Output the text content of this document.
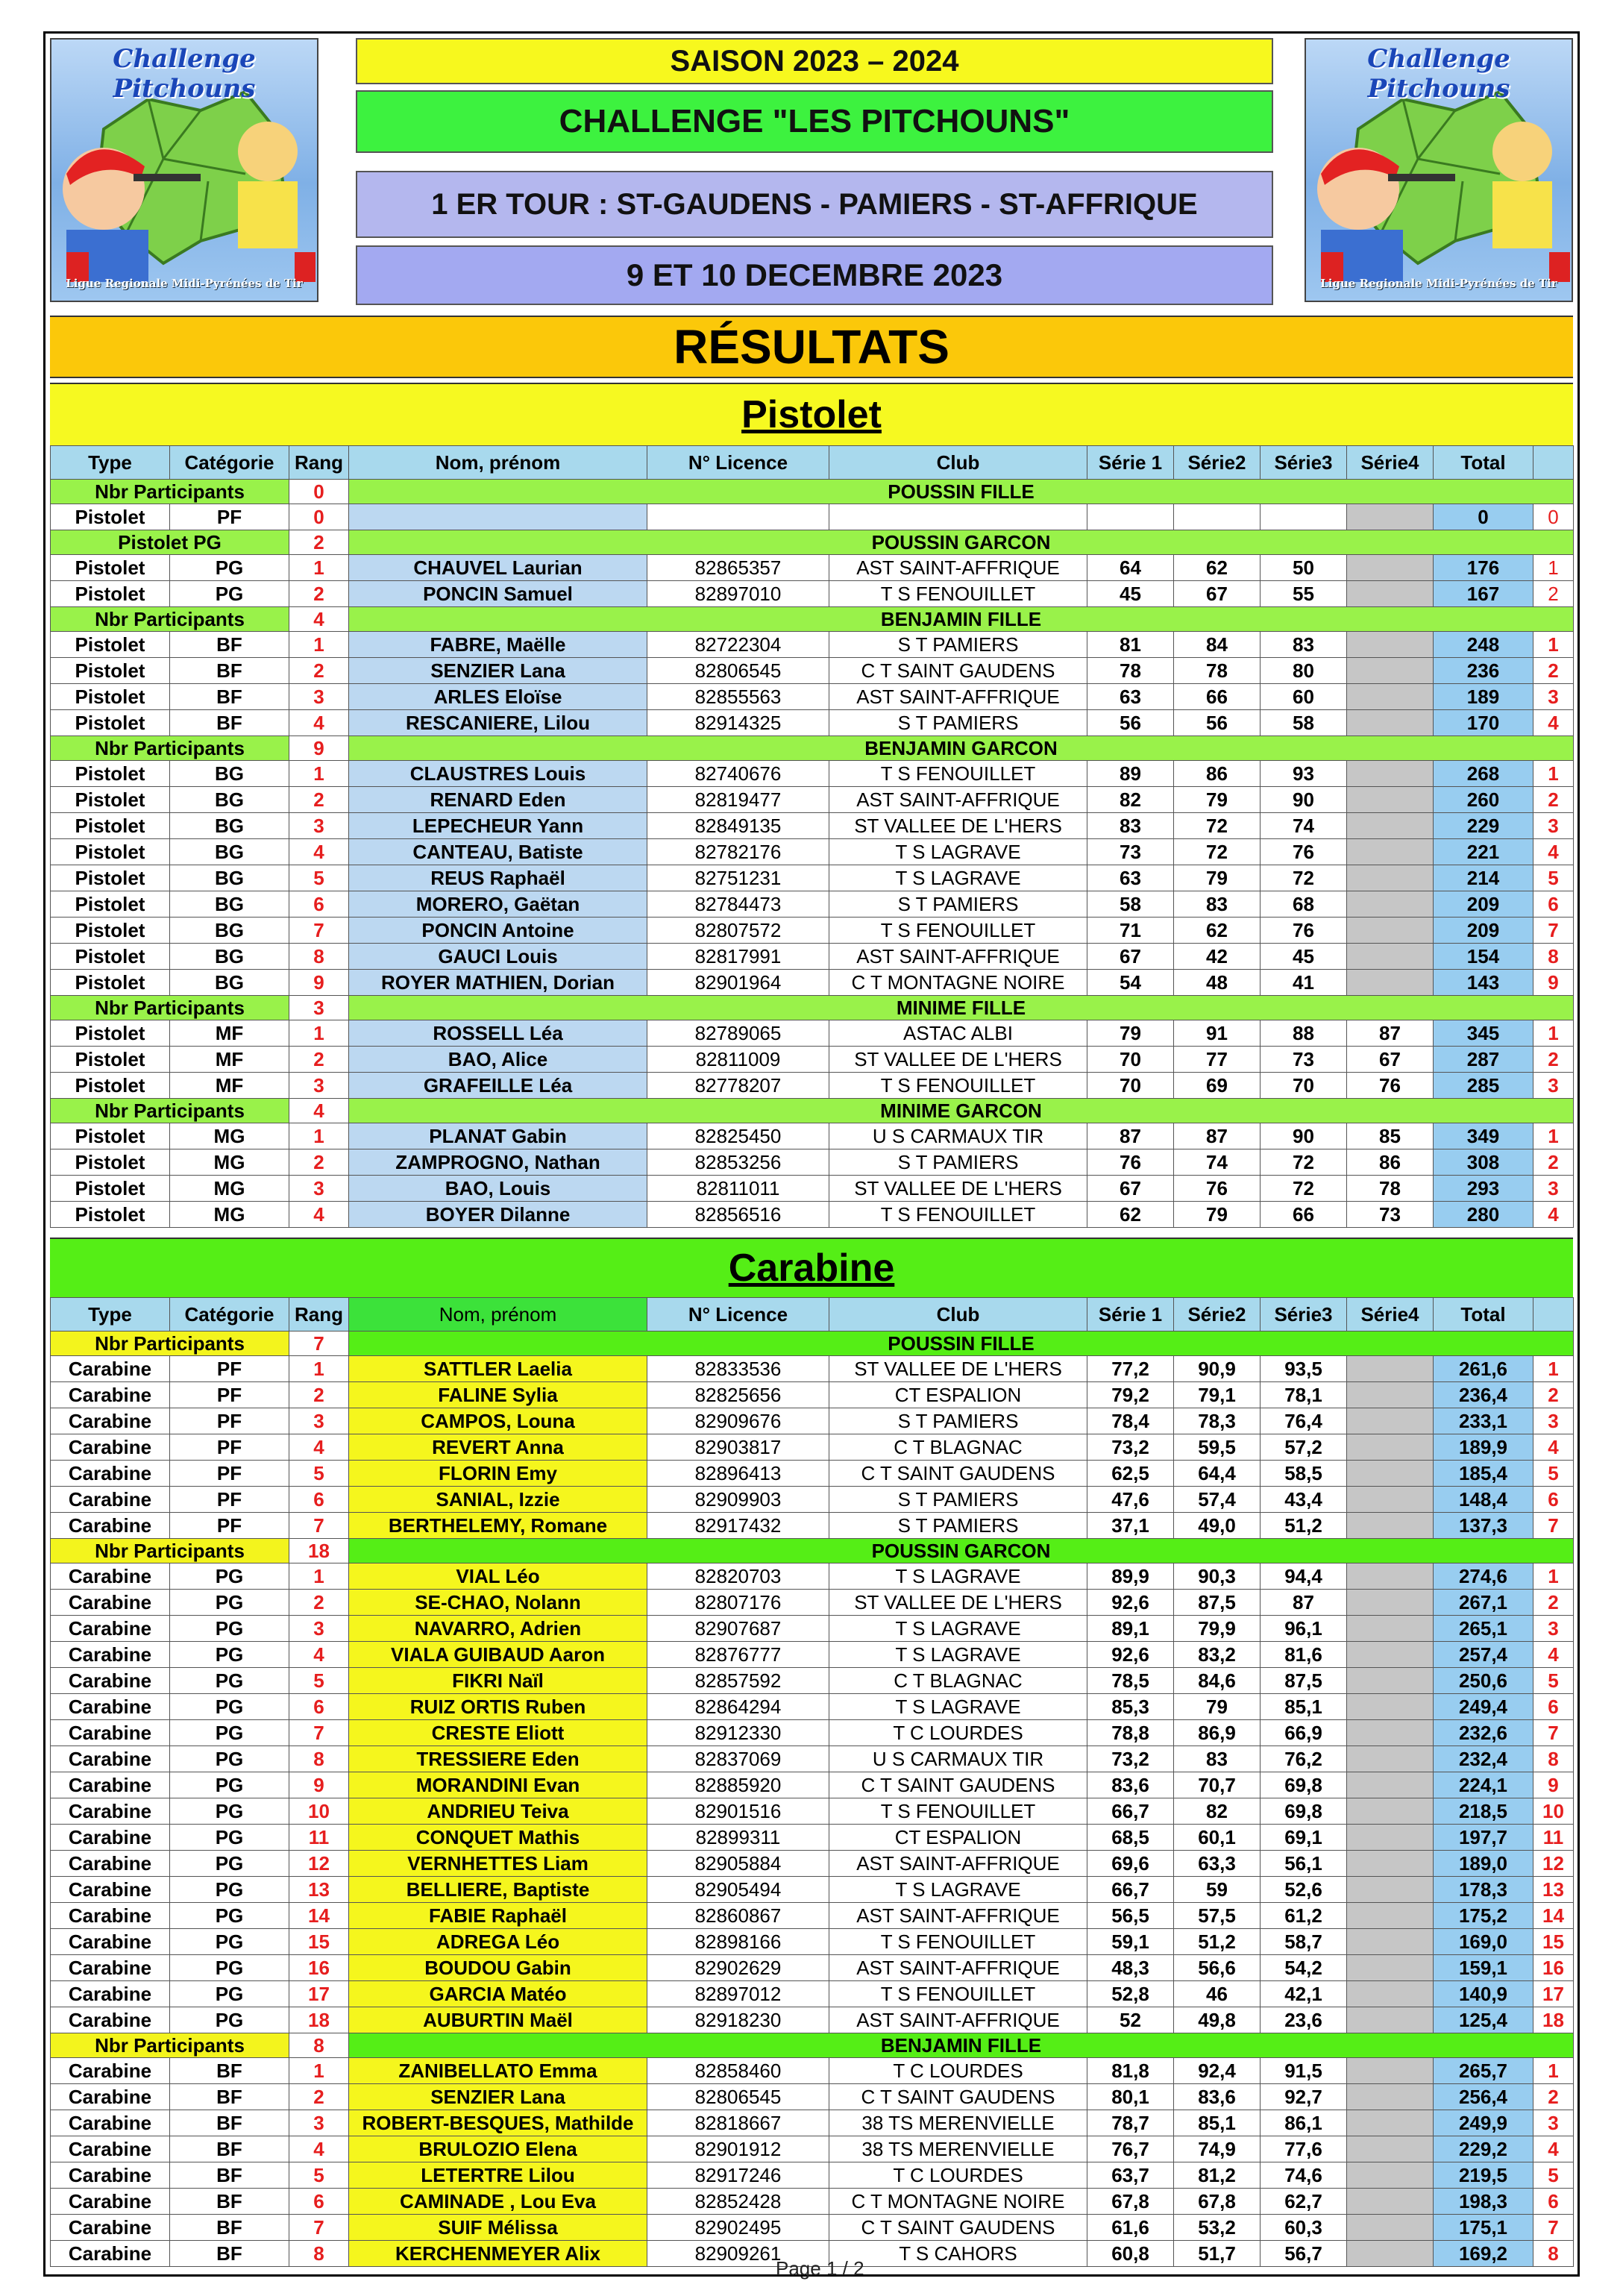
Challenge Pitchouns
Ligue Regionale Midi-Pyrénées de Tir
Challenge Pitchouns
Ligue Regionale Midi-Pyrénées de Tir
SAISON 2023 – 2024
CHALLENGE "LES PITCHOUNS"
1 ER TOUR : ST-GAUDENS - PAMIERS - ST-AFFRIQUE
9 ET 10 DECEMBRE 2023
RÉSULTATS
Pistolet
Type	Catégorie	Rang	Nom, prénom	N° Licence	Club	Série 1	Série2	Série3	Série4	Total	
Nbr Participants		0	POUSSIN FILLE								
Pistolet	PF	0								0	0
Pistolet PG		2	POUSSIN GARCON								
Pistolet	PG	1	CHAUVEL Laurian	82865357	AST SAINT-AFFRIQUE	64	62	50		176	1
Pistolet	PG	2	PONCIN Samuel	82897010	T S FENOUILLET	45	67	55		167	2
Nbr Participants		4	BENJAMIN FILLE								
Pistolet	BF	1	FABRE, Maëlle	82722304	S T PAMIERS	81	84	83		248	1
Pistolet	BF	2	SENZIER Lana	82806545	C T SAINT GAUDENS	78	78	80		236	2
Pistolet	BF	3	ARLES Eloïse	82855563	AST SAINT-AFFRIQUE	63	66	60		189	3
Pistolet	BF	4	RESCANIERE, Lilou	82914325	S T PAMIERS	56	56	58		170	4
Nbr Participants		9	BENJAMIN GARCON								
Pistolet	BG	1	CLAUSTRES Louis	82740676	T S FENOUILLET	89	86	93		268	1
Pistolet	BG	2	RENARD Eden	82819477	AST SAINT-AFFRIQUE	82	79	90		260	2
Pistolet	BG	3	LEPECHEUR Yann	82849135	ST VALLEE DE L'HERS	83	72	74		229	3
Pistolet	BG	4	CANTEAU, Batiste	82782176	T S LAGRAVE	73	72	76		221	4
Pistolet	BG	5	REUS Raphaël	82751231	T S LAGRAVE	63	79	72		214	5
Pistolet	BG	6	MORERO, Gaëtan	82784473	S T PAMIERS	58	83	68		209	6
Pistolet	BG	7	PONCIN Antoine	82807572	T S FENOUILLET	71	62	76		209	7
Pistolet	BG	8	GAUCI Louis	82817991	AST SAINT-AFFRIQUE	67	42	45		154	8
Pistolet	BG	9	ROYER MATHIEN, Dorian	82901964	C T MONTAGNE NOIRE	54	48	41		143	9
Nbr Participants		3	MINIME FILLE								
Pistolet	MF	1	ROSSELL Léa	82789065	ASTAC ALBI	79	91	88	87	345	1
Pistolet	MF	2	BAO, Alice	82811009	ST VALLEE DE L'HERS	70	77	73	67	287	2
Pistolet	MF	3	GRAFEILLE Léa	82778207	T S FENOUILLET	70	69	70	76	285	3
Nbr Participants		4	MINIME GARCON								
Pistolet	MG	1	PLANAT Gabin	82825450	U S CARMAUX TIR	87	87	90	85	349	1
Pistolet	MG	2	ZAMPROGNO, Nathan	82853256	S T PAMIERS	76	74	72	86	308	2
Pistolet	MG	3	BAO, Louis	82811011	ST VALLEE DE L'HERS	67	76	72	78	293	3
Pistolet	MG	4	BOYER Dilanne	82856516	T S FENOUILLET	62	79	66	73	280	4
Carabine
Type	Catégorie	Rang	Nom, prénom	N° Licence	Club	Série 1	Série2	Série3	Série4	Total	
Nbr Participants		7	POUSSIN FILLE								
Carabine	PF	1	SATTLER Laelia	82833536	ST VALLEE DE L'HERS	77,2	90,9	93,5		261,6	1
Carabine	PF	2	FALINE Sylia	82825656	CT ESPALION	79,2	79,1	78,1		236,4	2
Carabine	PF	3	CAMPOS, Louna	82909676	S T PAMIERS	78,4	78,3	76,4		233,1	3
Carabine	PF	4	REVERT Anna	82903817	C T BLAGNAC	73,2	59,5	57,2		189,9	4
Carabine	PF	5	FLORIN Emy	82896413	C T SAINT GAUDENS	62,5	64,4	58,5		185,4	5
Carabine	PF	6	SANIAL, Izzie	82909903	S T PAMIERS	47,6	57,4	43,4		148,4	6
Carabine	PF	7	BERTHELEMY, Romane	82917432	S T PAMIERS	37,1	49,0	51,2		137,3	7
Nbr Participants		18	POUSSIN GARCON								
Carabine	PG	1	VIAL Léo	82820703	T S LAGRAVE	89,9	90,3	94,4		274,6	1
Carabine	PG	2	SE-CHAO, Nolann	82807176	ST VALLEE DE L'HERS	92,6	87,5	87		267,1	2
Carabine	PG	3	NAVARRO, Adrien	82907687	T S LAGRAVE	89,1	79,9	96,1		265,1	3
Carabine	PG	4	VIALA GUIBAUD Aaron	82876777	T S LAGRAVE	92,6	83,2	81,6		257,4	4
Carabine	PG	5	FIKRI Naïl	82857592	C T BLAGNAC	78,5	84,6	87,5		250,6	5
Carabine	PG	6	RUIZ ORTIS Ruben	82864294	T S LAGRAVE	85,3	79	85,1		249,4	6
Carabine	PG	7	CRESTE Eliott	82912330	T C LOURDES	78,8	86,9	66,9		232,6	7
Carabine	PG	8	TRESSIERE Eden	82837069	U S CARMAUX TIR	73,2	83	76,2		232,4	8
Carabine	PG	9	MORANDINI Evan	82885920	C T SAINT GAUDENS	83,6	70,7	69,8		224,1	9
Carabine	PG	10	ANDRIEU Teiva	82901516	T S FENOUILLET	66,7	82	69,8		218,5	10
Carabine	PG	11	CONQUET Mathis	82899311	CT ESPALION	68,5	60,1	69,1		197,7	11
Carabine	PG	12	VERNHETTES Liam	82905884	AST SAINT-AFFRIQUE	69,6	63,3	56,1		189,0	12
Carabine	PG	13	BELLIERE, Baptiste	82905494	T S LAGRAVE	66,7	59	52,6		178,3	13
Carabine	PG	14	FABIE Raphaël	82860867	AST SAINT-AFFRIQUE	56,5	57,5	61,2		175,2	14
Carabine	PG	15	ADREGA Léo	82898166	T S FENOUILLET	59,1	51,2	58,7		169,0	15
Carabine	PG	16	BOUDOU Gabin	82902629	AST SAINT-AFFRIQUE	48,3	56,6	54,2		159,1	16
Carabine	PG	17	GARCIA Matéo	82897012	T S FENOUILLET	52,8	46	42,1		140,9	17
Carabine	PG	18	AUBURTIN Maël	82918230	AST SAINT-AFFRIQUE	52	49,8	23,6		125,4	18
Nbr Participants		8	BENJAMIN FILLE								
Carabine	BF	1	ZANIBELLATO Emma	82858460	T C LOURDES	81,8	92,4	91,5		265,7	1
Carabine	BF	2	SENZIER Lana	82806545	C T SAINT GAUDENS	80,1	83,6	92,7		256,4	2
Carabine	BF	3	ROBERT-BESQUES, Mathilde	82818667	38 TS MERENVIELLE	78,7	85,1	86,1		249,9	3
Carabine	BF	4	BRULOZIO Elena	82901912	38 TS MERENVIELLE	76,7	74,9	77,6		229,2	4
Carabine	BF	5	LETERTRE Lilou	82917246	T C LOURDES	63,7	81,2	74,6		219,5	5
Carabine	BF	6	CAMINADE , Lou Eva	82852428	C T MONTAGNE NOIRE	67,8	67,8	62,7		198,3	6
Carabine	BF	7	SUIF Mélissa	82902495	C T SAINT GAUDENS	61,6	53,2	60,3		175,1	7
Carabine	BF	8	KERCHENMEYER Alix	82909261	T S CAHORS	60,8	51,7	56,7		169,2	8
Page 1 / 2
